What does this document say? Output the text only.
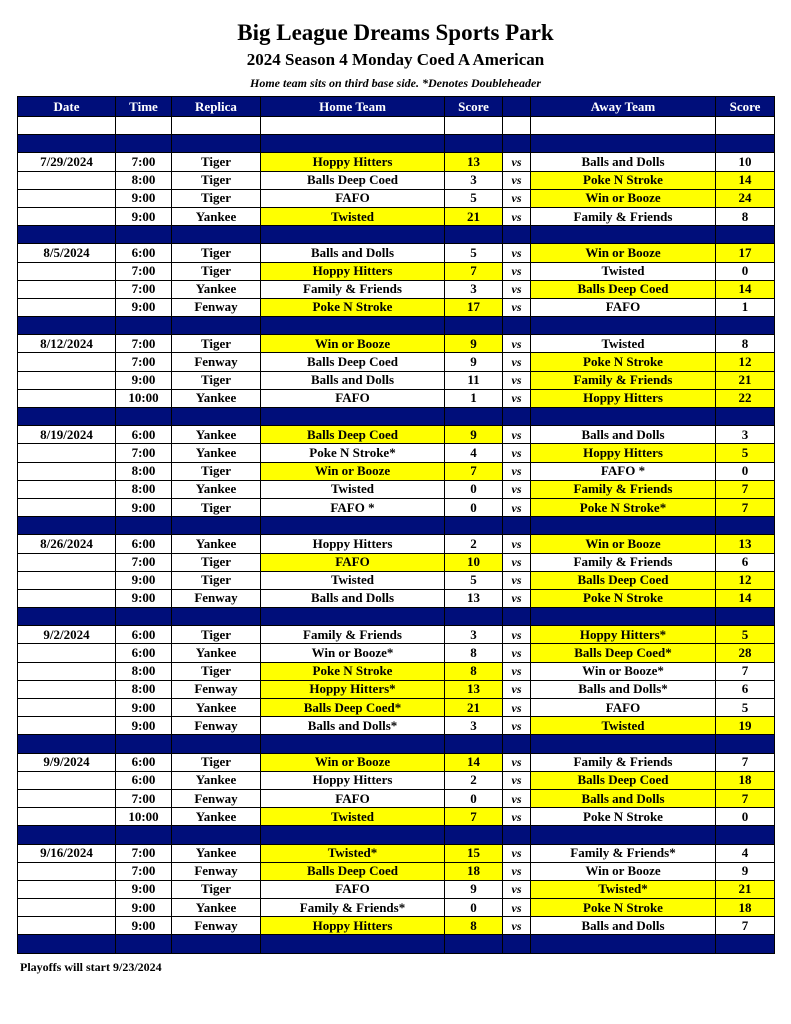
Big League Dreams Sports Park
2024 Season 4 Monday Coed A American
Home team sits on third base side. *Denotes Doubleheader
Date	Time	Replica	Home Team	Score		Away Team	Score

7/29/2024	7:00	Tiger	Hoppy Hitters	13	vs	Balls and Dolls	10
	8:00	Tiger	Balls Deep Coed	3	vs	Poke N Stroke	14
	9:00	Tiger	FAFO	5	vs	Win or Booze	24
	9:00	Yankee	Twisted	21	vs	Family & Friends	8

8/5/2024	6:00	Tiger	Balls and Dolls	5	vs	Win or Booze	17
	7:00	Tiger	Hoppy Hitters	7	vs	Twisted	0
	7:00	Yankee	Family & Friends	3	vs	Balls Deep Coed	14
	9:00	Fenway	Poke N Stroke	17	vs	FAFO	1

8/12/2024	7:00	Tiger	Win or Booze	9	vs	Twisted	8
	7:00	Fenway	Balls Deep Coed	9	vs	Poke N Stroke	12
	9:00	Tiger	Balls and Dolls	11	vs	Family & Friends	21
	10:00	Yankee	FAFO	1	vs	Hoppy Hitters	22

8/19/2024	6:00	Yankee	Balls Deep Coed	9	vs	Balls and Dolls	3
	7:00	Yankee	Poke N Stroke*	4	vs	Hoppy Hitters	5
	8:00	Tiger	Win or Booze	7	vs	FAFO *	0
	8:00	Yankee	Twisted	0	vs	Family & Friends	7
	9:00	Tiger	FAFO *	0	vs	Poke N Stroke*	7

8/26/2024	6:00	Yankee	Hoppy Hitters	2	vs	Win or Booze	13
	7:00	Tiger	FAFO	10	vs	Family & Friends	6
	9:00	Tiger	Twisted	5	vs	Balls Deep Coed	12
	9:00	Fenway	Balls and Dolls	13	vs	Poke N Stroke	14

9/2/2024	6:00	Tiger	Family & Friends	3	vs	Hoppy Hitters*	5
	6:00	Yankee	Win or Booze*	8	vs	Balls Deep Coed*	28
	8:00	Tiger	Poke N Stroke	8	vs	Win or Booze*	7
	8:00	Fenway	Hoppy Hitters*	13	vs	Balls and Dolls*	6
	9:00	Yankee	Balls Deep Coed*	21	vs	FAFO	5
	9:00	Fenway	Balls and Dolls*	3	vs	Twisted	19

9/9/2024	6:00	Tiger	Win or Booze	14	vs	Family & Friends	7
	6:00	Yankee	Hoppy Hitters	2	vs	Balls Deep Coed	18
	7:00	Fenway	FAFO	0	vs	Balls and Dolls	7
	10:00	Yankee	Twisted	7	vs	Poke N Stroke	0

9/16/2024	7:00	Yankee	Twisted*	15	vs	Family & Friends*	4
	7:00	Fenway	Balls Deep Coed	18	vs	Win or Booze	9
	9:00	Tiger	FAFO	9	vs	Twisted*	21
	9:00	Yankee	Family & Friends*	0	vs	Poke N Stroke	18
	9:00	Fenway	Hoppy Hitters	8	vs	Balls and Dolls	7

Playoffs will start 9/23/2024
